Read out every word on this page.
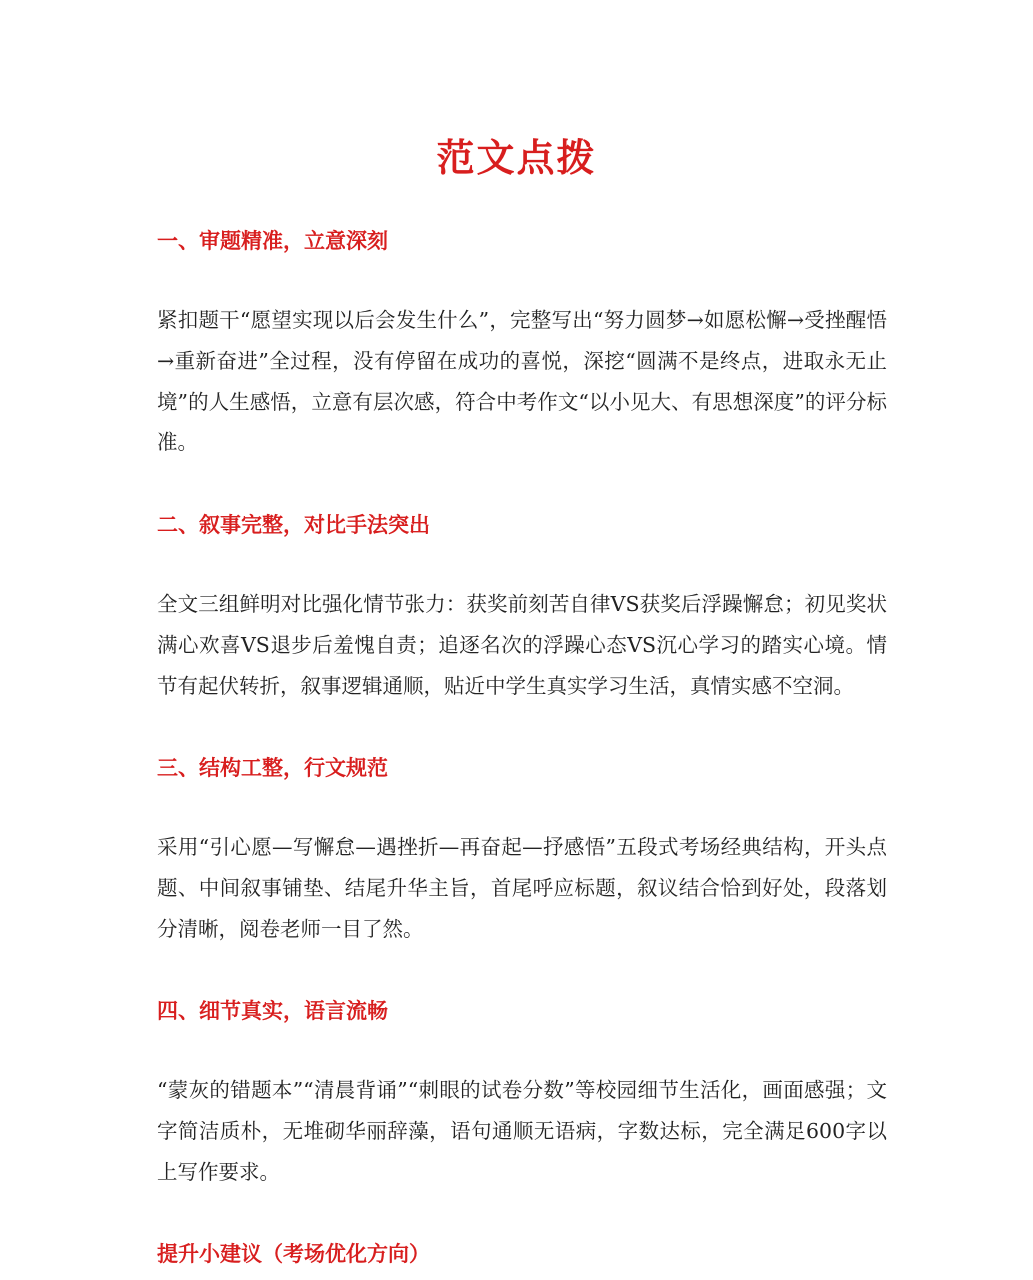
范文点拨
一、审题精准，立意深刻
紧扣题干“愿望实现以后会发生什么”，完整写出“努力圆梦→如愿松懈→受挫醒悟→重新奋进”全过程，没有停留在成功的喜悦，深挖“圆满不是终点，进取永无止境”的人生感悟，立意有层次感，符合中考作文“以小见大、有思想深度”的评分标准。
二、叙事完整，对比手法突出
全文三组鲜明对比强化情节张力：获奖前刻苦自律VS获奖后浮躁懈怠；初见奖状满心欢喜VS退步后羞愧自责；追逐名次的浮躁心态VS沉心学习的踏实心境。情节有起伏转折，叙事逻辑通顺，贴近中学生真实学习生活，真情实感不空洞。
三、结构工整，行文规范
采用“引心愿—写懈怠—遇挫折—再奋起—抒感悟”五段式考场经典结构，开头点题、中间叙事铺垫、结尾升华主旨，首尾呼应标题，叙议结合恰到好处，段落划分清晰，阅卷老师一目了然。
四、细节真实，语言流畅
“蒙灰的错题本”“清晨背诵”“刺眼的试卷分数”等校园细节生活化，画面感强；文字简洁质朴，无堆砌华丽辞藻，语句通顺无语病，字数达标，完全满足600字以上写作要求。
提升小建议（考场优化方向）
